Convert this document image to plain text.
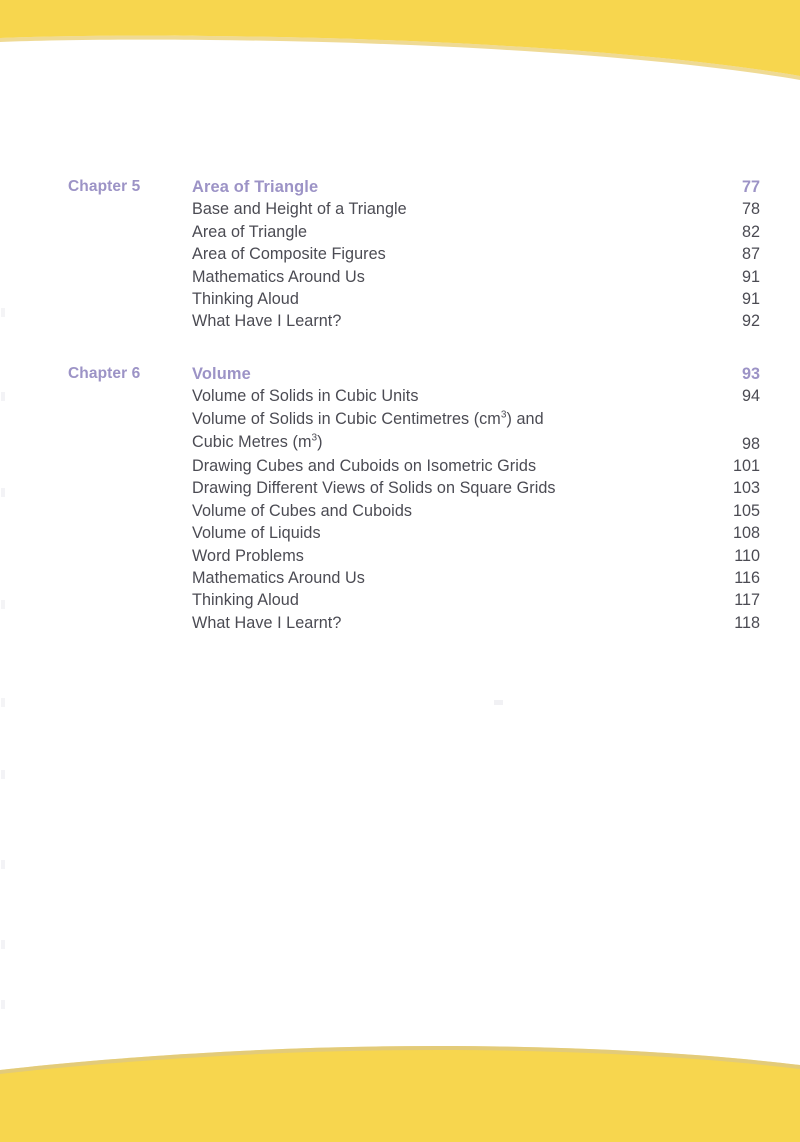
Chapter 5	Area of Triangle	77
Base and Height of a Triangle	78
Area of Triangle	82
Area of Composite Figures	87
Mathematics Around Us	91
Thinking Aloud	91
What Have I Learnt?	92
Chapter 6	Volume	93
Volume of Solids in Cubic Units	94
Volume of Solids in Cubic Centimetres $(cm^3)$ and
Cubic Metres $(m^3)$	98
Drawing Cubes and Cuboids on Isometric Grids	101
Drawing Different Views of Solids on Square Grids	103
Volume of Cubes and Cuboids	105
Volume of Liquids	108
Word Problems	110
Mathematics Around Us	116
Thinking Aloud	117
What Have I Learnt?	118
